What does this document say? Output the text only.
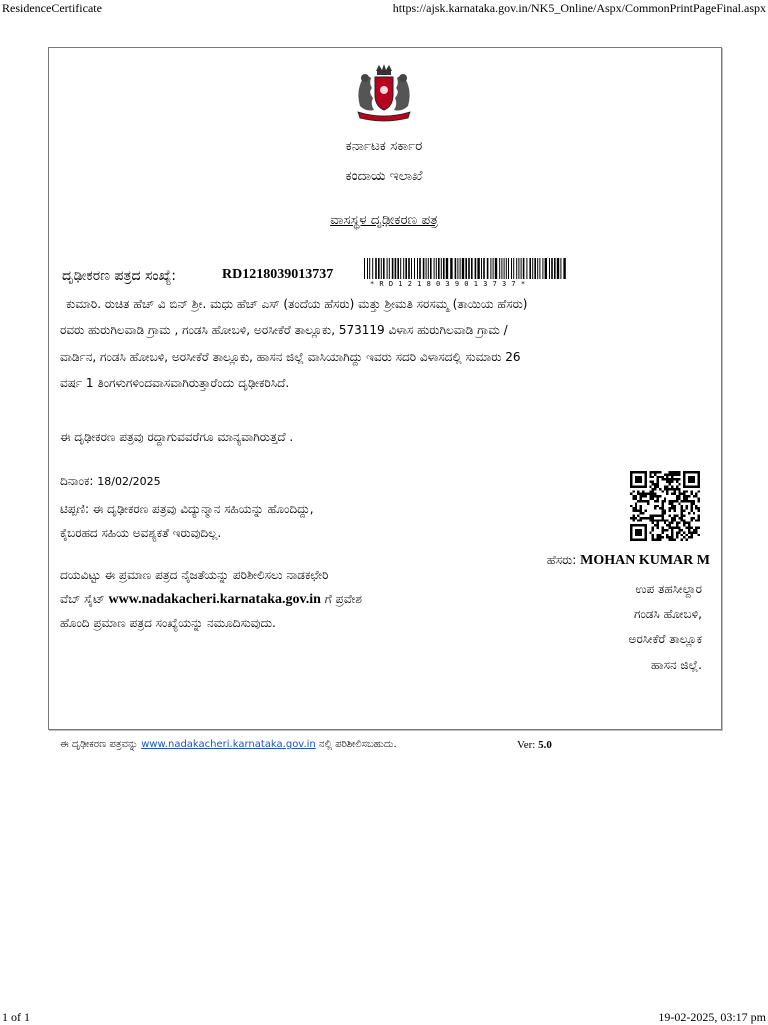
ResidenceCertificate	https://ajsk.karnataka.gov.in/NK5_Online/Aspx/CommonPrintPageFinal.aspx
ಕರ್ನಾಟಕ ಸರ್ಕಾರ
ಕಂದಾಯ ಇಲಾಖೆ
ವಾಸಸ್ಥಳ ದೃಢೀಕರಣ ಪತ್ರ
ದೃಢೀಕರಣ ಪತ್ರದ ಸಂಖ್ಯೆ:	RD1218039013737
* R D 1 2 1 8 0 3 9 0 1 3 7 3 7 *
ಕುಮಾರಿ. ರುಚಿತ ಹೆಚ್ ವಿ ಬಿನ್ ಶ್ರೀ. ಮಧು ಹೆಚ್ ಎಸ್ (ತಂದೆಯ ಹೆಸರು) ಮತ್ತು ಶ್ರೀಮತಿ ಸರಸಮ್ಮ (ತಾಯಿಯ ಹೆಸರು)
ರವರು ಹುರುಗಿಲವಾಡಿ ಗ್ರಾಮ , ಗಂಡಸಿ ಹೋಬಳಿ, ಅರಸೀಕೆರೆ ತಾಲ್ಲೂಕು, 573119 ವಿಳಾಸ ಹುರುಗಿಲವಾಡಿ ಗ್ರಾಮ /
ವಾರ್ಡಿನ, ಗಂಡಸಿ ಹೋಬಳಿ, ಅರಸೀಕೆರೆ ತಾಲ್ಲೂಕು, ಹಾಸನ ಜಿಲ್ಲೆ ವಾಸಿಯಾಗಿದ್ದು ಇವರು ಸದರಿ ವಿಳಾಸದಲ್ಲಿ ಸುಮಾರು 26
ವರ್ಷ 1 ತಿಂಗಳುಗಳಿಂದವಾಸವಾಗಿರುತ್ತಾರೆಂದು ದೃಢೀಕರಿಸಿದೆ.
ಈ ದೃಢೀಕರಣ ಪತ್ರವು ರದ್ದಾಗುವವರೆಗೂ ಮಾನ್ಯವಾಗಿರುತ್ತದೆ .
ದಿನಾಂಕ: 18/02/2025
ಟಿಪ್ಪಣಿ: ಈ ದೃಢೀಕರಣ ಪತ್ರವು ವಿದ್ಯುನ್ಮಾನ ಸಹಿಯನ್ನು ಹೊಂದಿದ್ದು,
ಕೈಬರಹದ ಸಹಿಯ ಅವಶ್ಯಕತೆ ಇರುವುದಿಲ್ಲ.
ದಯವಿಟ್ಟು ಈ ಪ್ರಮಾಣ ಪತ್ರದ ನೈಜತೆಯನ್ನು ಪರಿಶೀಲಿಸಲು ನಾಡಕಛೇರಿ
ವೆಬ್ ಸೈಟ್ www.nadakacheri.karnataka.gov.in ಗೆ ಪ್ರವೇಶ
ಹೊಂದಿ ಪ್ರಮಾಣ ಪತ್ರದ ಸಂಖ್ಯೆಯನ್ನು ನಮೂದಿಸುವುದು.
ಹೆಸರು: MOHAN KUMAR M
ಉಪ ತಹಸೀಲ್ದಾರ
ಗಂಡಸಿ ಹೋಬಳಿ,
ಅರಸೀಕೆರೆ ತಾಲ್ಲೂಕ
ಹಾಸನ ಜಿಲ್ಲೆ.
ಈ ದೃಢೀಕರಣ ಪತ್ರವನ್ನು www.nadakacheri.karnataka.gov.in ನಲ್ಲಿ ಪರಿಶೀಲಿಸಬಹುದು.	Ver: 5.0
1 of 1	19-02-2025, 03:17 pm
